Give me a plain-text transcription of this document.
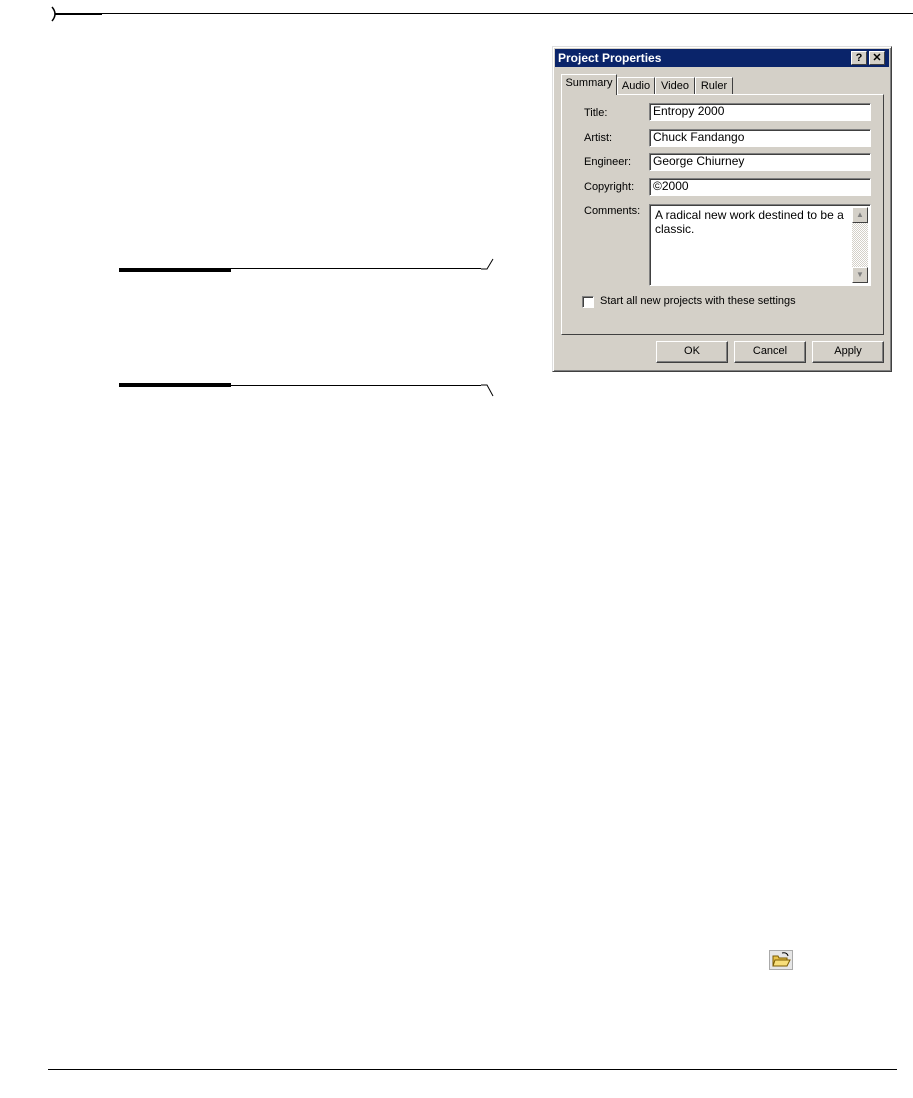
Project Properties	? ✕
Summary Audio Video	Ruler
Title:	Entropy 2000
Artist:	Chuck Fandango
Engineer:	George Chiurney
Copyright:	©2000
Comments: A radical new work destined to be a classic.
▲
▼
Start all new projects with these settings
OK	Cancel	Apply
